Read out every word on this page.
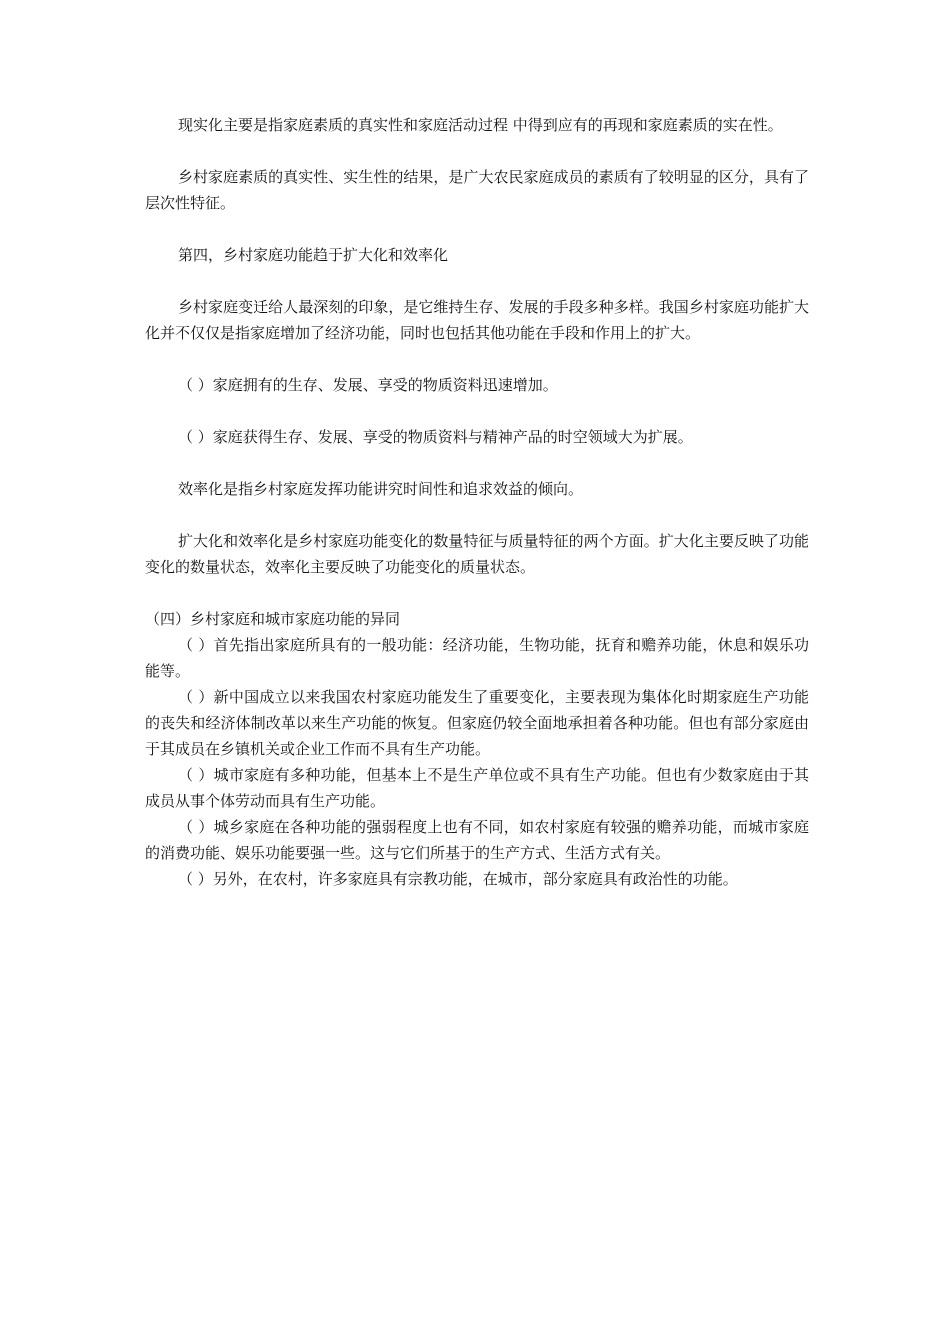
现实化主要是指家庭素质的真实性和家庭活动过程 中得到应有的再现和家庭素质的实在性。

乡村家庭素质的真实性、实生性的结果，是广大农民家庭成员的素质有了较明显的区分，具有了层次性特征。

第四，乡村家庭功能趋于扩大化和效率化

乡村家庭变迁给人最深刻的印象，是它维持生存、发展的手段多种多样。我国乡村家庭功能扩大化并不仅仅是指家庭增加了经济功能，同时也包括其他功能在手段和作用上的扩大。

（ ）家庭拥有的生存、发展、享受的物质资料迅速增加。

（ ）家庭获得生存、发展、享受的物质资料与精神产品的时空领域大为扩展。

效率化是指乡村家庭发挥功能讲究时间性和追求效益的倾向。

扩大化和效率化是乡村家庭功能变化的数量特征与质量特征的两个方面。扩大化主要反映了功能变化的数量状态，效率化主要反映了功能变化的质量状态。

（四）乡村家庭和城市家庭功能的异同

（ ）首先指出家庭所具有的一般功能：经济功能，生物功能，抚育和赡养功能，休息和娱乐功能等。

（ ）新中国成立以来我国农村家庭功能发生了重要变化，主要表现为集体化时期家庭生产功能的丧失和经济体制改革以来生产功能的恢复。但家庭仍较全面地承担着各种功能。但也有部分家庭由于其成员在乡镇机关或企业工作而不具有生产功能。

（ ）城市家庭有多种功能，但基本上不是生产单位或不具有生产功能。但也有少数家庭由于其成员从事个体劳动而具有生产功能。

（ ）城乡家庭在各种功能的强弱程度上也有不同，如农村家庭有较强的赡养功能，而城市家庭的消费功能、娱乐功能要强一些。这与它们所基于的生产方式、生活方式有关。

（ ）另外，在农村，许多家庭具有宗教功能，在城市，部分家庭具有政治性的功能。
